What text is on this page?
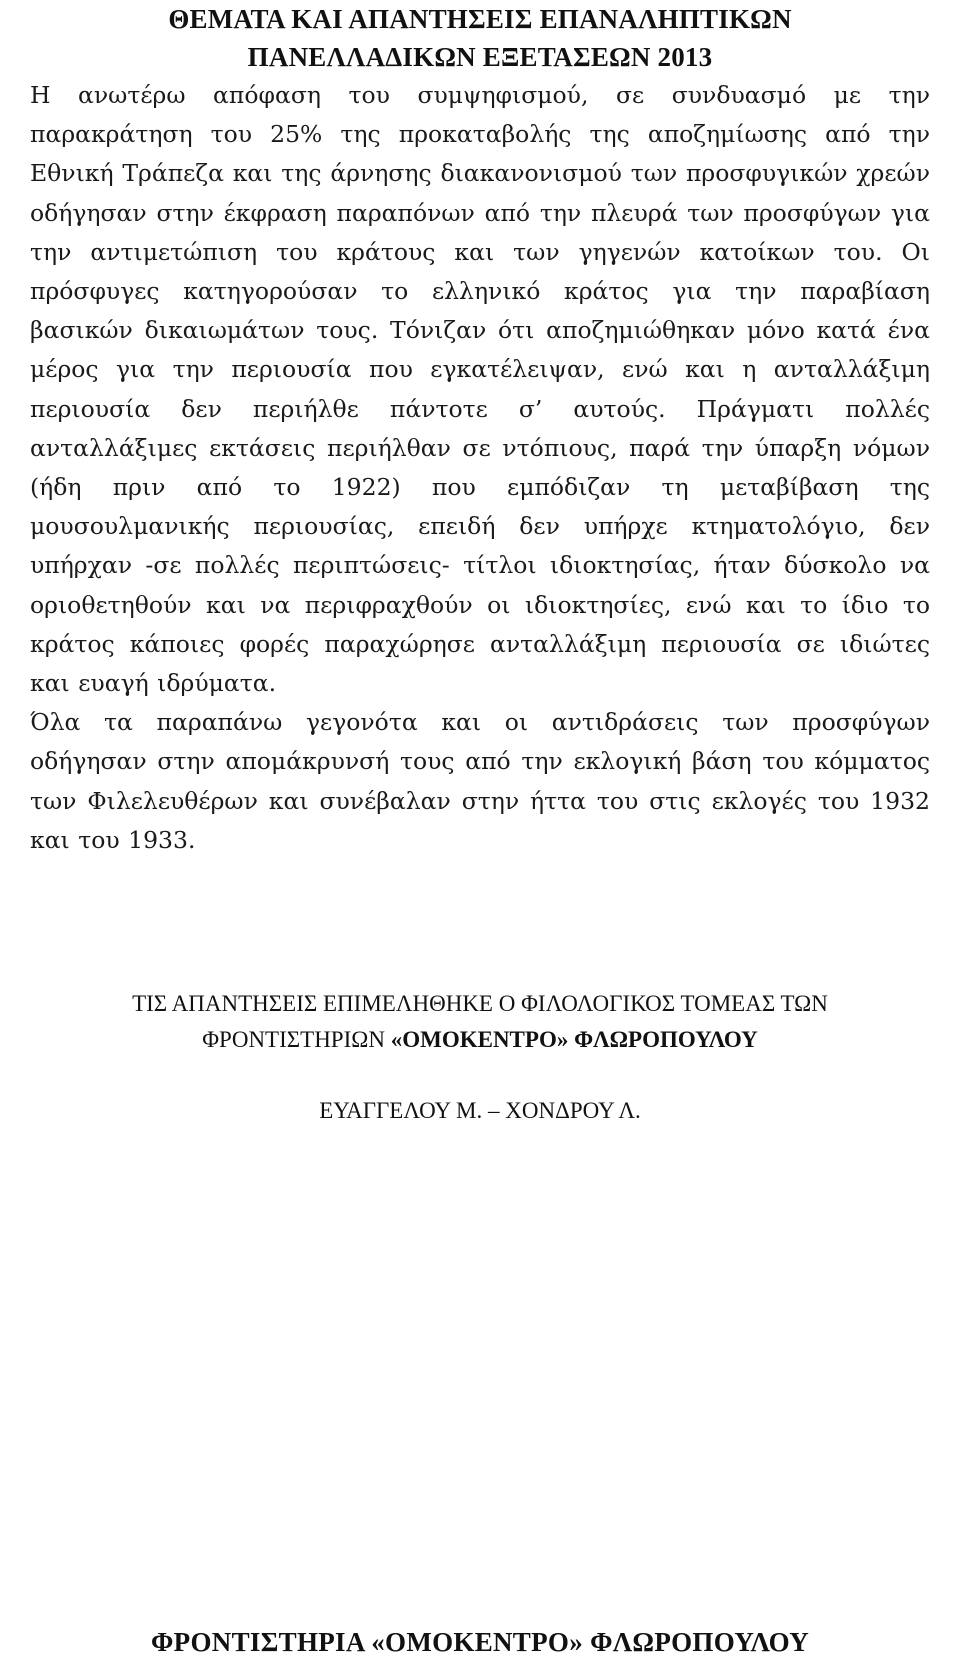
ΘΕΜΑΤΑ ΚΑΙ ΑΠΑΝΤΗΣΕΙΣ ΕΠΑΝΑΛΗΠΤΙΚΩΝ
ΠΑΝΕΛΛΑΔΙΚΩΝ ΕΞΕΤΑΣΕΩΝ 2013

Η ανωτέρω απόφαση του συμψηφισμού, σε συνδυασμό με την παρακράτηση του 25% της προκαταβολής της αποζημίωσης από την Εθνική Τράπεζα και της άρνησης διακανονισμού των προσφυγικών χρεών οδήγησαν στην έκφραση παραπόνων από την πλευρά των προσφύγων για την αντιμετώπιση του κράτους και των γηγενών κατοίκων του. Οι πρόσφυγες κατηγορούσαν το ελληνικό κράτος για την παραβίαση βασικών δικαιωμάτων τους. Τόνιζαν ότι αποζημιώθηκαν μόνο κατά ένα μέρος για την περιουσία που εγκατέλειψαν, ενώ και η ανταλλάξιμη περιουσία δεν περιήλθε πάντοτε σ’ αυτούς. Πράγματι πολλές ανταλλάξιμες εκτάσεις περιήλθαν σε ντόπιους, παρά την ύπαρξη νόμων (ήδη πριν από το 1922) που εμπόδιζαν τη μεταβίβαση της μουσουλμανικής περιουσίας, επειδή δεν υπήρχε κτηματολόγιο, δεν υπήρχαν -σε πολλές περιπτώσεις- τίτλοι ιδιοκτησίας, ήταν δύσκολο να οριοθετηθούν και να περιφραχθούν οι ιδιοκτησίες, ενώ και το ίδιο το κράτος κάποιες φορές παραχώρησε ανταλλάξιμη περιουσία σε ιδιώτες και ευαγή ιδρύματα.

Όλα τα παραπάνω γεγονότα και οι αντιδράσεις των προσφύγων οδήγησαν στην απομάκρυνσή τους από την εκλογική βάση του κόμματος των Φιλελευθέρων και συνέβαλαν στην ήττα του στις εκλογές του 1932 και του 1933.

ΤΙΣ ΑΠΑΝΤΗΣΕΙΣ ΕΠΙΜΕΛΗΘΗΚΕ Ο ΦΙΛΟΛΟΓΙΚΟΣ ΤΟΜΕΑΣ ΤΩΝ
ΦΡΟΝΤΙΣΤΗΡΙΩΝ «ΟΜΟΚΕΝΤΡΟ» ΦΛΩΡΟΠΟΥΛΟΥ
ΕΥΑΓΓΕΛΟΥ Μ. – ΧΟΝΔΡΟΥ Λ.
ΦΡΟΝΤΙΣΤΗΡΙΑ «ΟΜΟΚΕΝΤΡΟ» ΦΛΩΡΟΠΟΥΛΟΥ
